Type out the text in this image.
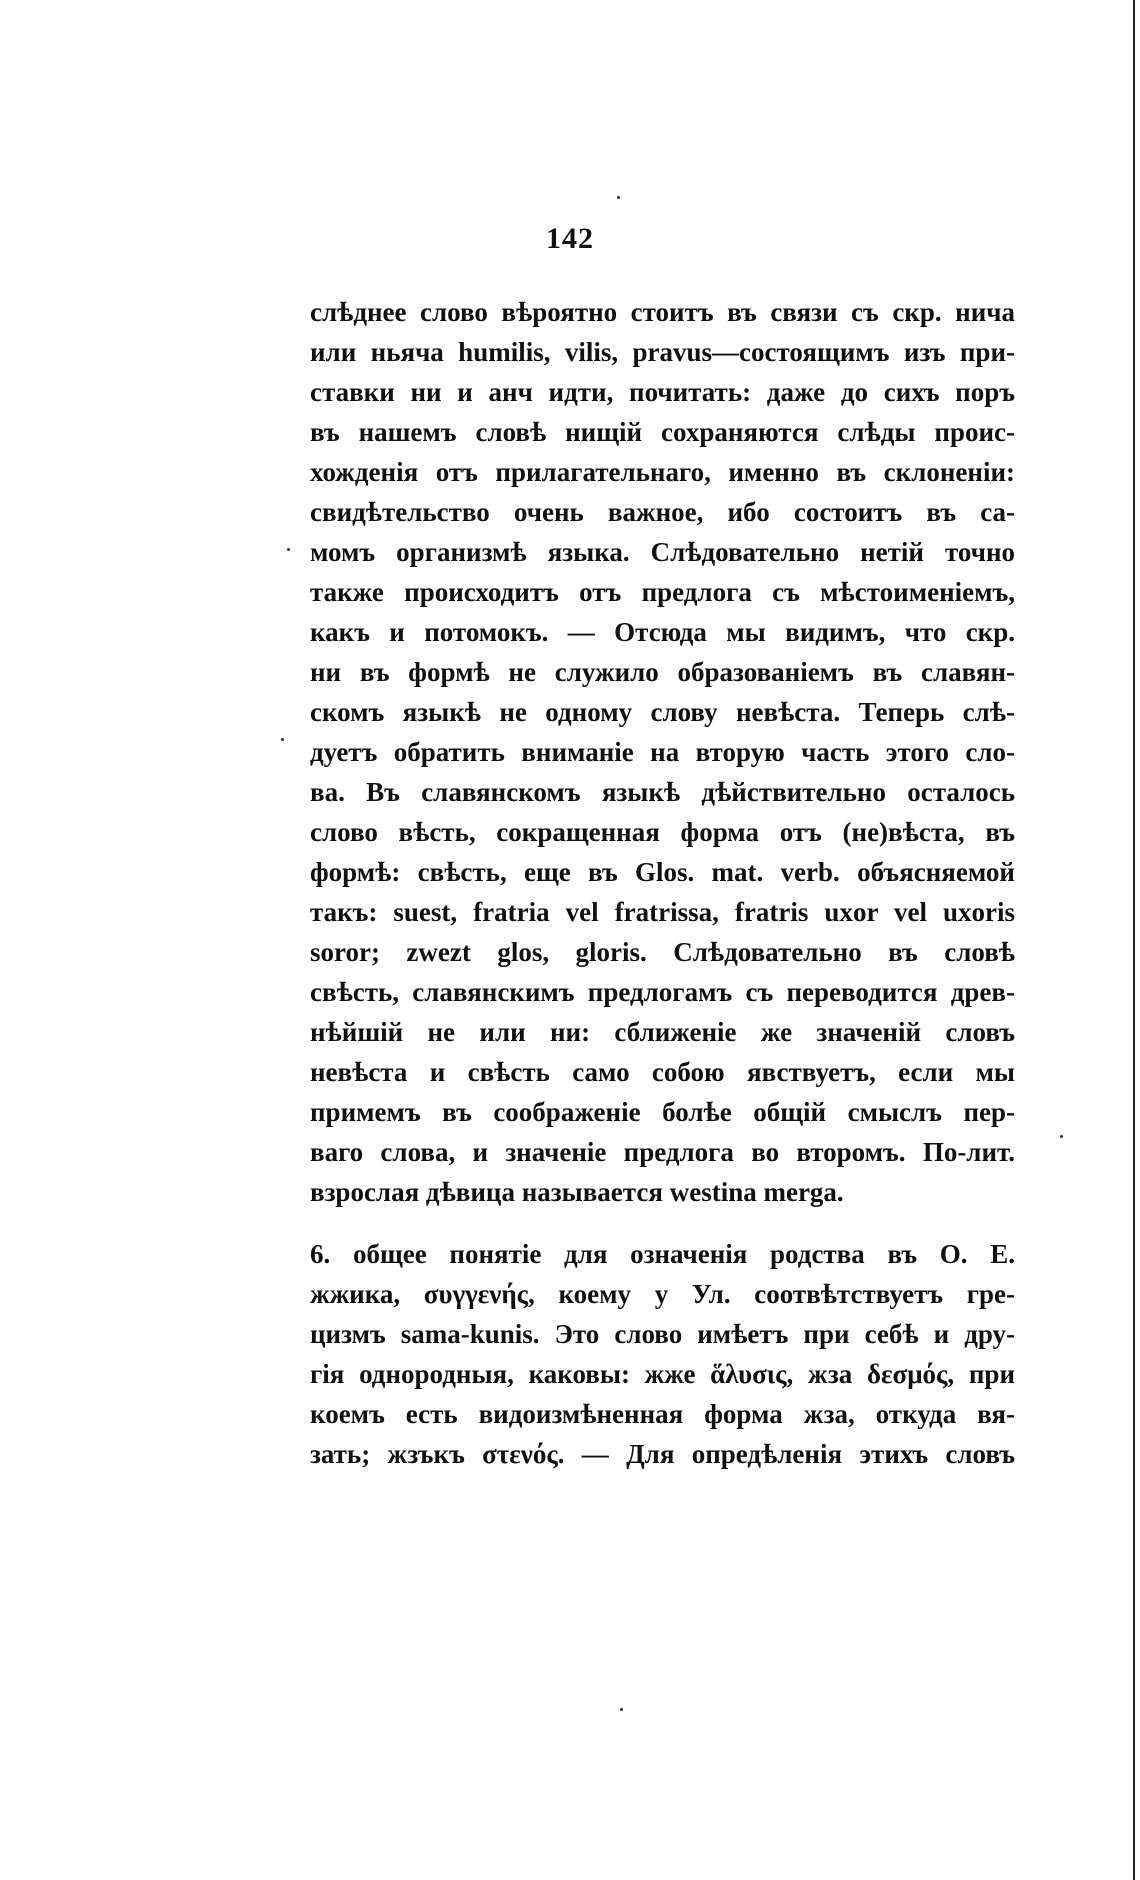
142
слѣднее слово вѣроятно стоитъ въ связи съ скр. нича
или ньяча humilis, vilis, pravus—состоящимъ изъ при-
ставки ни и анч идти, почитать: даже до сихъ поръ
въ нашемъ словѣ нищій сохраняются слѣды проис-
хожденія отъ прилагательнаго, именно въ склоненіи:
свидѣтельство очень важное, ибо состоитъ въ са-
момъ организмѣ языка. Слѣдовательно нетій точно
также происходитъ отъ предлога съ мѣстоименіемъ,
какъ и потомокъ. — Отсюда мы видимъ, что скр.
ни въ формѣ не служило образованіемъ въ славян-
скомъ языкѣ не одному слову невѣста. Теперь слѣ-
дуетъ обратить вниманіе на вторую часть этого сло-
ва. Въ славянскомъ языкѣ дѣйствительно осталось
слово вѣсть, сокращенная форма отъ (не)вѣста, въ
формѣ: свѣсть, еще въ Glos. mat. verb. объясняемой
такъ: suest, fratria vel fratrissa, fratris uxor vel uxoris
soror; zwezt glos, gloris. Слѣдовательно въ словѣ
свѣсть, славянскимъ предлогамъ съ переводится древ-
нѣйшій не или ни: сближеніе же значеній словъ
невѣста и свѣсть само собою явствуетъ, если мы
примемъ въ соображеніе болѣе общій смыслъ пер-
ваго слова, и значеніе предлога во второмъ. По-лит.
взрослая дѣвица называется westina merga.
6. общее понятіе для означенія родства въ О. Е.
жжика, συγγενής, коему у Ул. соотвѣтствуетъ гре-
цизмъ sama-kunis. Это слово имѣетъ при себѣ и дру-
гія однородныя, каковы: жже ἅλυσις, жза δεσμός, при
коемъ есть видоизмѣненная форма жза, откуда вя-
зать; жзъкъ στενός. — Для опредѣленія этихъ словъ
